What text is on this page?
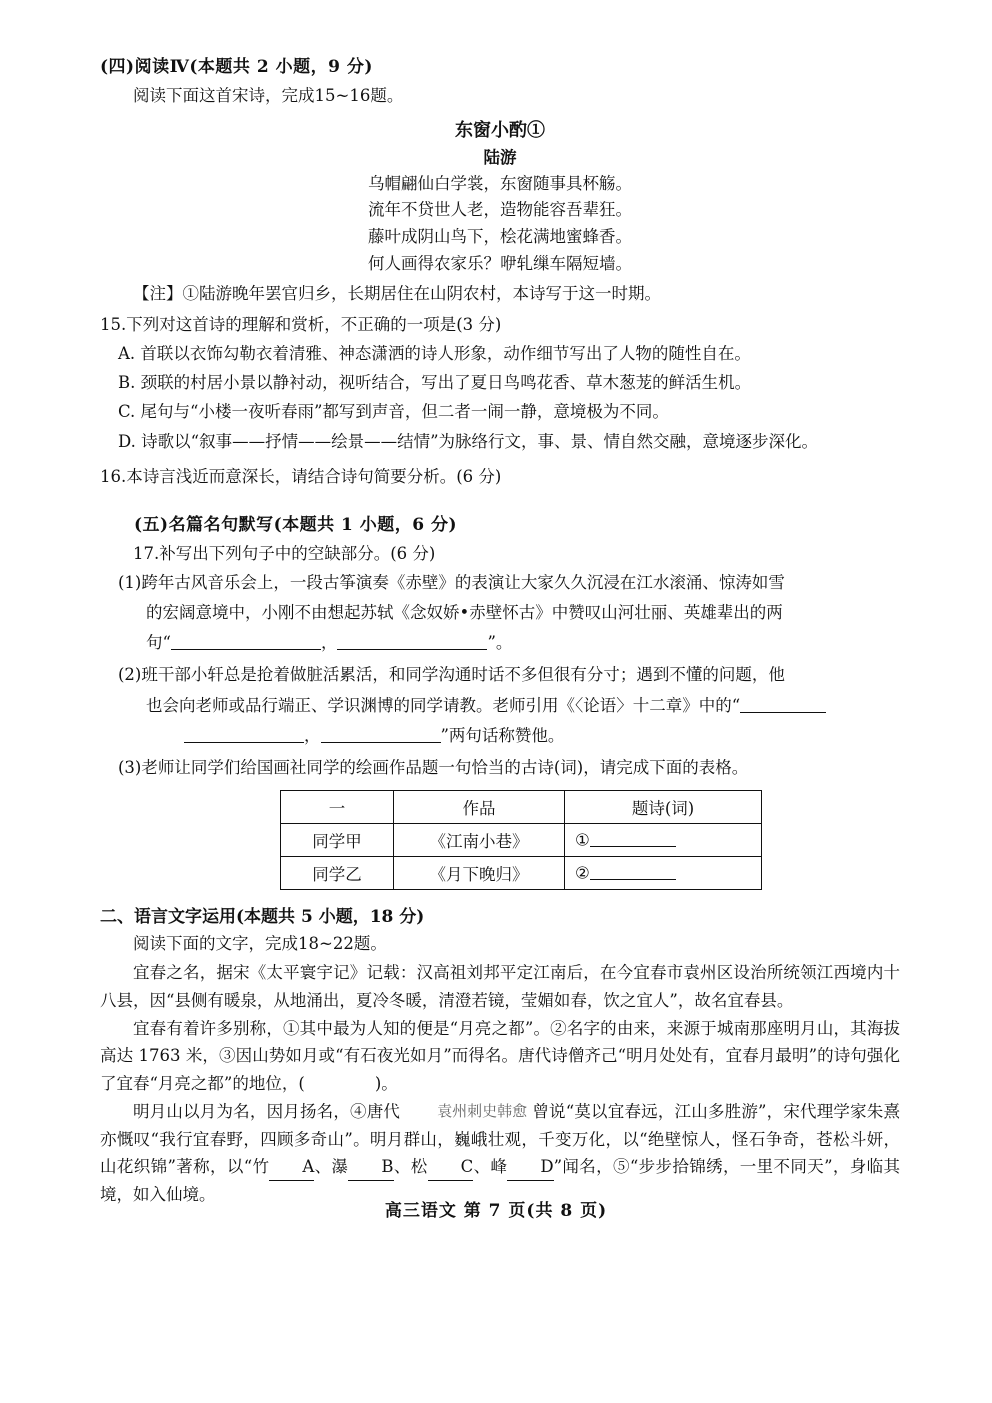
(四)阅读Ⅳ(本题共 2 小题，9 分)

阅读下面这首宋诗，完成15~16题。

东窗小酌①
陆游
乌帽翩仙白学裳，东窗随事具杯觞。
流年不贷世人老，造物能容吾辈狂。
藤叶成阴山鸟下，桧花满地蜜蜂香。
何人画得农家乐？咿轧缫车隔短墙。

【注】①陆游晚年罢官归乡，长期居住在山阴农村，本诗写于这一时期。

15.下列对这首诗的理解和赏析，不正确的一项是(3 分)

A. 首联以衣饰勾勒衣着清雅、神态潇洒的诗人形象，动作细节写出了人物的随性自在。

B. 颈联的村居小景以静衬动，视听结合，写出了夏日鸟鸣花香、草木葱茏的鲜活生机。

C. 尾句与“小楼一夜听春雨”都写到声音，但二者一闹一静，意境极为不同。

D. 诗歌以“叙事——抒情——绘景——结情”为脉络行文，事、景、情自然交融，意境逐步深化。

16.本诗言浅近而意深长，请结合诗句简要分析。(6 分)

(五)名篇名句默写(本题共 1 小题，6 分)

17.补写出下列句子中的空缺部分。(6 分)

(1)跨年古风音乐会上，一段古筝演奏《赤壁》的表演让大家久久沉浸在江水滚涌、惊涛如雪

的宏阔意境中，小刚不由想起苏轼《念奴娇•赤壁怀古》中赞叹山河壮丽、英雄辈出的两

句“	，	”。

(2)班干部小轩总是抢着做脏活累活，和同学沟通时话不多但很有分寸；遇到不懂的问题，他

也会向老师或品行端正、学识渊博的同学请教。老师引用《〈论语〉十二章》中的“

，	”两句话称赞他。

(3)老师让同学们给国画社同学的绘画作品题一句恰当的古诗(词)，请完成下面的表格。

一	作品	题诗(词)
同学甲	《江南小巷》	①
同学乙	《月下晚归》	②
二、语言文字运用(本题共 5 小题，18 分)

阅读下面的文字，完成18~22题。

宜春之名，据宋《太平寰宇记》记载：汉高祖刘邦平定江南后，在今宜春市袁州区设治所统领江西境内十八县，因“县侧有暖泉，从地涌出，夏冷冬暖，清澄若镜，莹媚如春，饮之宜人”，故名宜春县。

宜春有着许多别称，①其中最为人知的便是“月亮之都”。②名字的由来，来源于城南那座明月山，其海拔高达 1763 米，③因山势如月或“有石夜光如月”而得名。唐代诗僧齐己“明月处处有，宜春月最明”的诗句强化了宜春“月亮之都”的地位，(	)。

明月山以月为名，因月扬名，④唐代	袁州刺史韩愈 曾说“莫以宜春远，江山多胜游”，宋代理学家朱熹亦慨叹“我行宜春野，四顾多奇山”。明月群山，巍峨壮观，千变万化，以“绝壁惊人，怪石争奇，苍松斗妍，山花织锦”著称，以“竹 A、瀑 B、松 C、峰 D”闻名，⑤“步步拾锦绣，一里不同天”，身临其境，如入仙境。

高三语文 第 7 页(共 8 页)
